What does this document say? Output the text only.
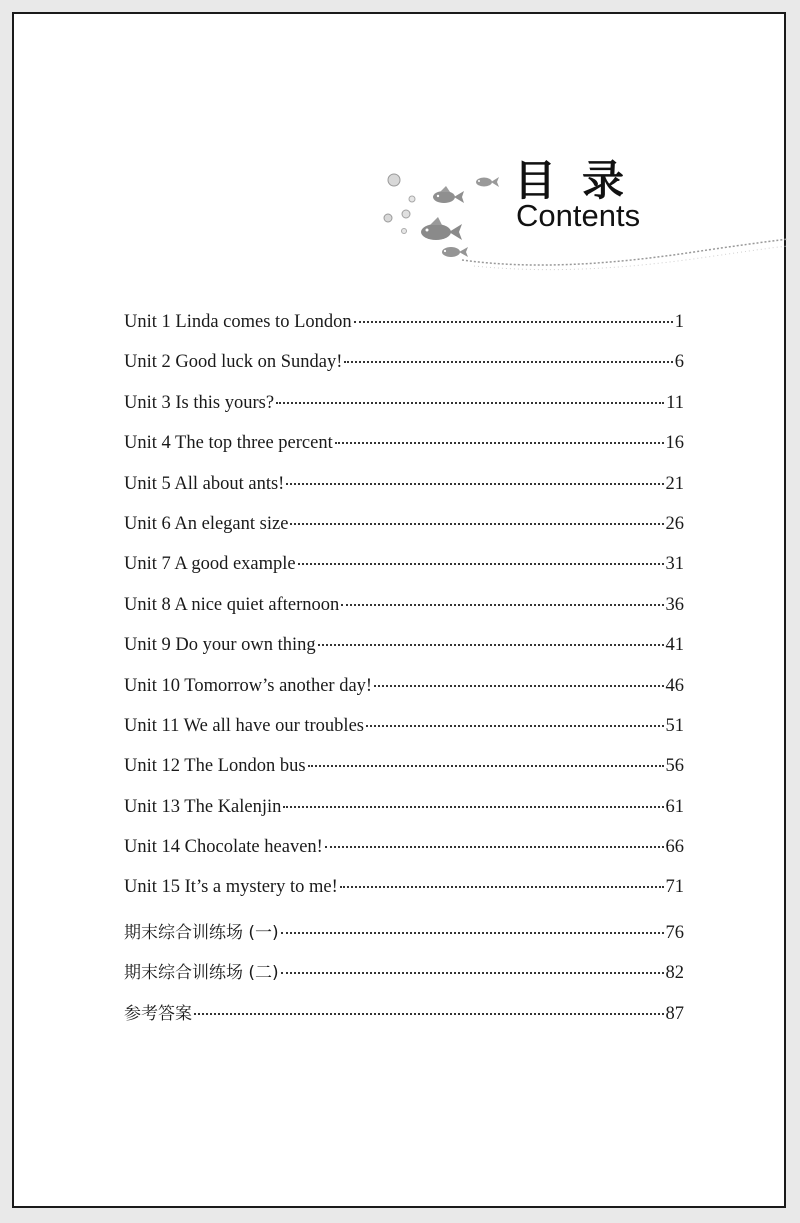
目录
Contents
Unit 1 Linda comes to London	1
Unit 2 Good luck on Sunday!	6
Unit 3 Is this yours?	11
Unit 4 The top three percent	16
Unit 5 All about ants!	21
Unit 6 An elegant size	26
Unit 7 A good example	31
Unit 8 A nice quiet afternoon	36
Unit 9 Do your own thing	41
Unit 10 Tomorrow’s another day!	46
Unit 11 We all have our troubles	51
Unit 12 The London bus	56
Unit 13 The Kalenjin	61
Unit 14 Chocolate heaven!	66
Unit 15 It’s a mystery to me!	71
期末综合训练场 (一)	76
期末综合训练场 (二)	82
参考答案	87
